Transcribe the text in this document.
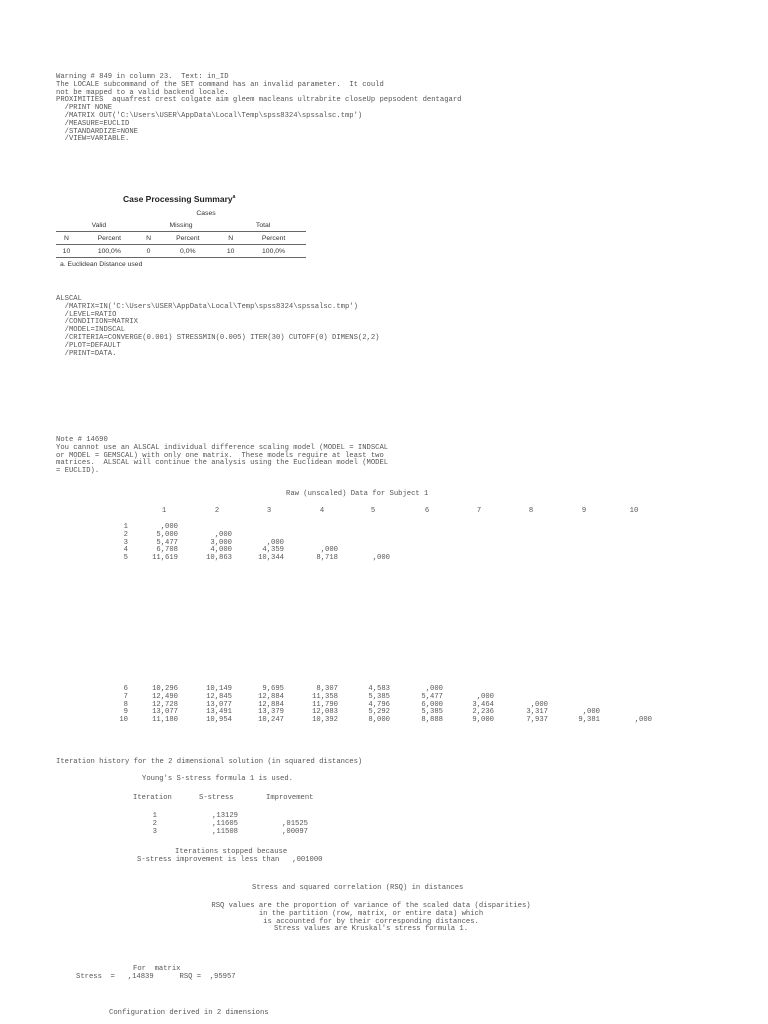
Warning # 849 in column 23.  Text: in_ID
The LOCALE subcommand of the SET command has an invalid parameter.  It could
not be mapped to a valid backend locale.
PROXIMITIES  aquafrest crest colgate aim gleem macleans ultrabrite closeUp pepsodent dentagard
/PRINT NONE
/MATRIX OUT('C:\Users\USER\AppData\Local\Temp\spss8324\spssalsc.tmp')
/MEASURE=EUCLID
/STANDARDIZE=NONE
/VIEW=VARIABLE.
Case Processing Summary$^a$
Cases					
Valid		Missing		Total	
N	Percent	N	Percent	N	Percent
10	100,0%	0	0,0%	10	100,0%
a. Euclidean Distance used
ALSCAL
/MATRIX=IN('C:\Users\USER\AppData\Local\Temp\spss8324\spssalsc.tmp')
/LEVEL=RATIO
/CONDITION=MATRIX
/MODEL=INDSCAL
/CRITERIA=CONVERGE(0.001) STRESSMIN(0.005) ITER(30) CUTOFF(0) DIMENS(2,2)
/PLOT=DEFAULT
/PRINT=DATA.
Note # 14690
You cannot use an ALSCAL individual difference scaling model (MODEL = INDSCAL
or MODEL = GEMSCAL) with only one matrix.  These models require at least two
matrices.  ALSCAL will continue the analysis using the Euclidean model (MODEL
= EUCLID).
Raw (unscaled) Data for Subject 1
1	2	3	4	5	6	7	8	9	10
1	,000
2	5,000	,000
3	5,477	3,000	,000
4	6,708	4,000	4,359	,000
5	11,619	10,863	10,344	8,718	,000
6	10,296	10,149	9,695	8,307	4,583	,000
7	12,490	12,845	12,884	11,358	5,385	5,477	,000
8	12,728	13,077	12,884	11,790	4,796	6,000	3,464	,000
9	13,077	13,491	13,379	12,083	5,292	5,385	2,236	3,317	,000
10	11,180	10,954	10,247	10,392	8,000	8,888	9,000	7,937	9,381	,000
Iteration history for the 2 dimensional solution (in squared distances)
Young's S-stress formula 1 is used.
Iteration	S-stress	Improvement
1	,13129
2	,11605	,01525
3	,11508	,00097
Iterations stopped because
S-stress improvement is less than   ,001000
Stress and squared correlation (RSQ) in distances
RSQ values are the proportion of variance of the scaled data (disparities)
in the partition (row, matrix, or entire data) which
is accounted for by their corresponding distances.
Stress values are Kruskal's stress formula 1.
For  matrix
Stress  =   ,14839      RSQ =  ,95957
Configuration derived in 2 dimensions
